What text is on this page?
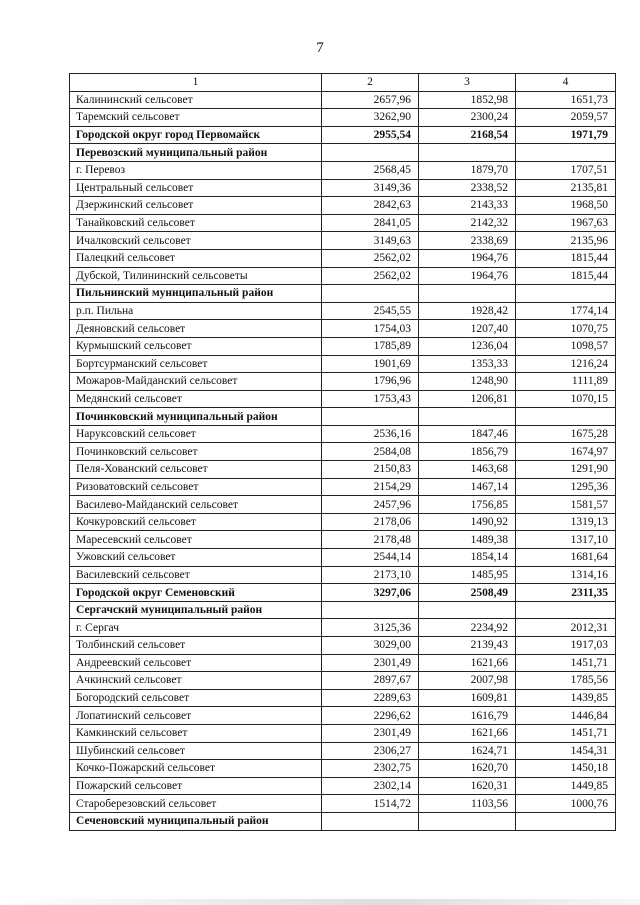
7
1	2	3	4
Калининский сельсовет	2657,96	1852,98	1651,73
Таремский сельсовет	3262,90	2300,24	2059,57
Городской округ город Первомайск	2955,54	2168,54	1971,79
Перевозский муниципальный район			
г. Перевоз	2568,45	1879,70	1707,51
Центральный сельсовет	3149,36	2338,52	2135,81
Дзержинский сельсовет	2842,63	2143,33	1968,50
Танайковский сельсовет	2841,05	2142,32	1967,63
Ичалковский сельсовет	3149,63	2338,69	2135,96
Палецкий сельсовет	2562,02	1964,76	1815,44
Дубской, Тилининский сельсоветы	2562,02	1964,76	1815,44
Пильнинский муниципальный район			
р.п. Пильна	2545,55	1928,42	1774,14
Деяновский сельсовет	1754,03	1207,40	1070,75
Курмышский сельсовет	1785,89	1236,04	1098,57
Бортсурманский сельсовет	1901,69	1353,33	1216,24
Можаров-Майданский сельсовет	1796,96	1248,90	1111,89
Медянский сельсовет	1753,43	1206,81	1070,15
Починковский муниципальный район			
Наруксовский сельсовет	2536,16	1847,46	1675,28
Починковский сельсовет	2584,08	1856,79	1674,97
Пеля-Хованский сельсовет	2150,83	1463,68	1291,90
Ризоватовский сельсовет	2154,29	1467,14	1295,36
Василево-Майданский сельсовет	2457,96	1756,85	1581,57
Кочкуровский сельсовет	2178,06	1490,92	1319,13
Маресевский сельсовет	2178,48	1489,38	1317,10
Ужовский сельсовет	2544,14	1854,14	1681,64
Василевский сельсовет	2173,10	1485,95	1314,16
Городской округ Семеновский	3297,06	2508,49	2311,35
Сергачский муниципальный район			
г. Сергач	3125,36	2234,92	2012,31
Толбинский сельсовет	3029,00	2139,43	1917,03
Андреевский сельсовет	2301,49	1621,66	1451,71
Ачкинский сельсовет	2897,67	2007,98	1785,56
Богородский сельсовет	2289,63	1609,81	1439,85
Лопатинский сельсовет	2296,62	1616,79	1446,84
Камкинский сельсовет	2301,49	1621,66	1451,71
Шубинский сельсовет	2306,27	1624,71	1454,31
Кочко-Пожарский сельсовет	2302,75	1620,70	1450,18
Пожарский сельсовет	2302,14	1620,31	1449,85
Староберезовский сельсовет	1514,72	1103,56	1000,76
Сеченовский муниципальный район			
